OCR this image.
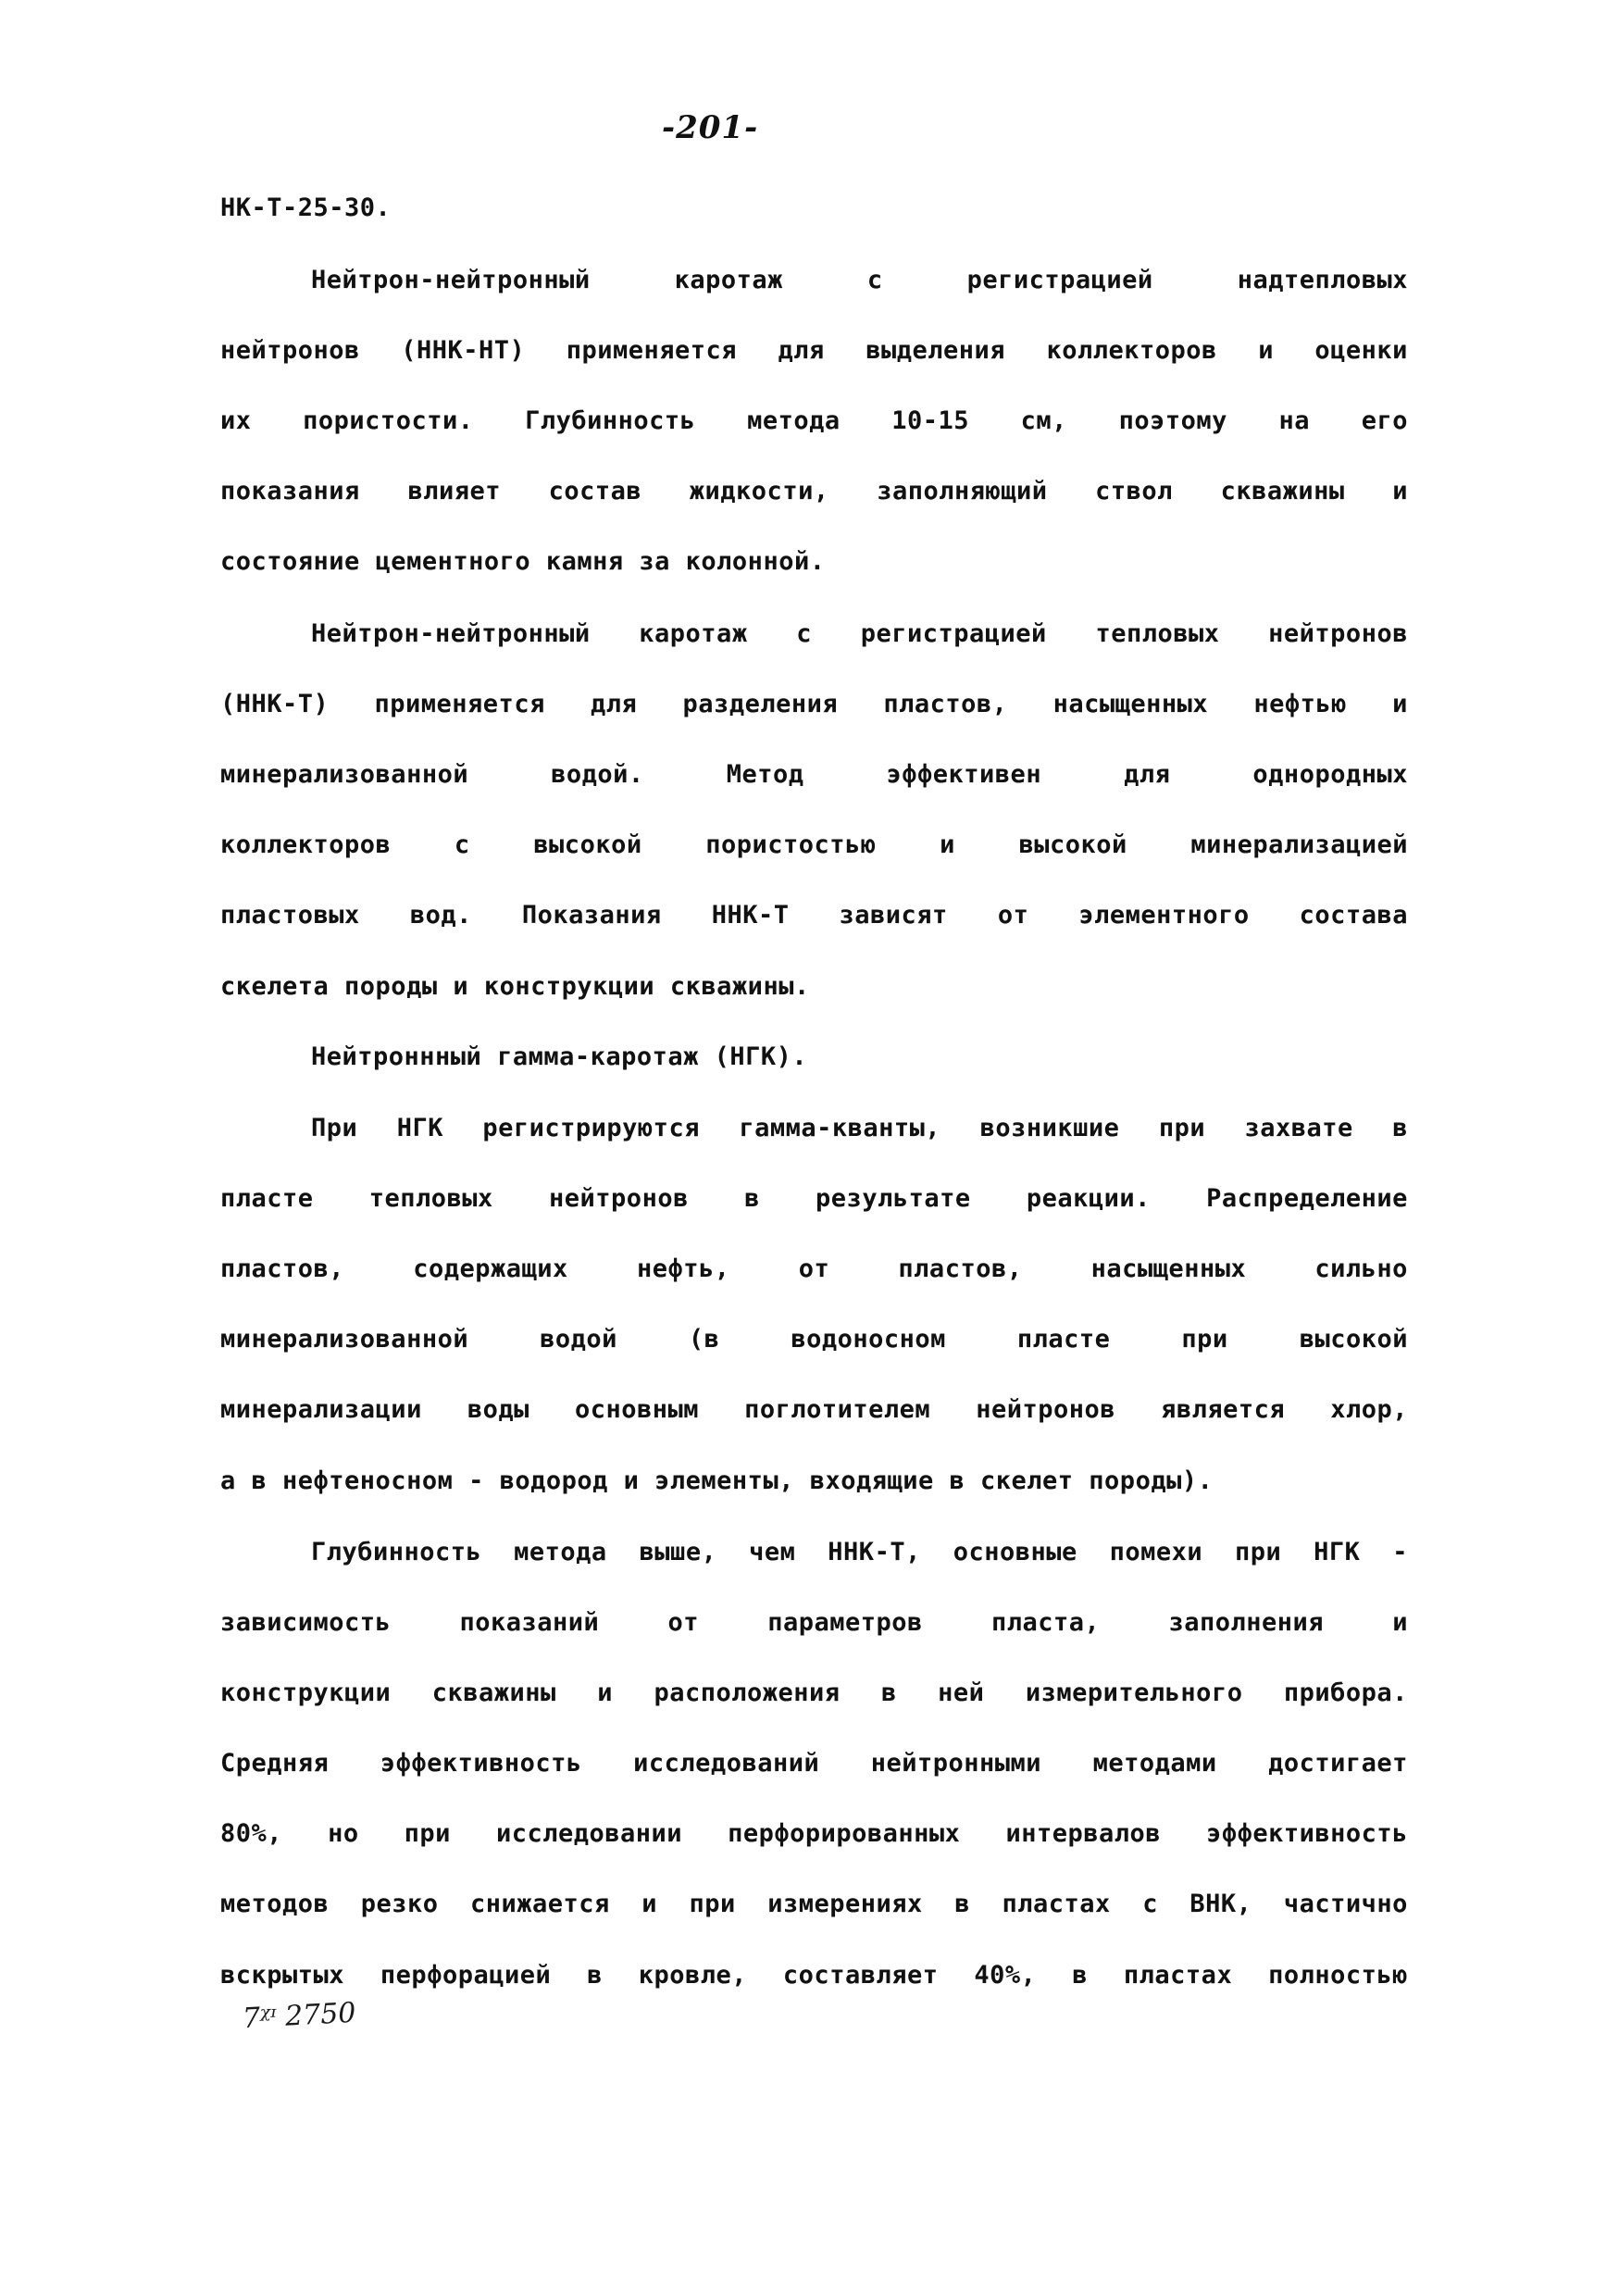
-201-
НК-Т-25-30.
Нейтрон-нейтронный	каротаж	с	регистрацией	надтепловых
нейтронов (ННК-НТ) применяется для выделения коллекторов и оценки
их пористости. Глубинность метода 10-15 см, поэтому на его
показания влияет состав жидкости, заполняющий ствол скважины и
состояние цементного камня за колонной.
Нейтрон-нейтронный каротаж с регистрацией тепловых нейтронов
(ННК-Т) применяется для разделения пластов, насыщенных нефтью и
минерализованной	водой.	Метод	эффективен	для	однородных
коллекторов	с	высокой	пористостью	и	высокой	минерализацией
пластовых вод. Показания ННК-Т зависят от элементного состава
скелета породы и конструкции скважины.
Нейтроннный гамма-каротаж (НГК).
При НГК регистрируются гамма-кванты, возникшие при захвате в
пласте тепловых нейтронов в результате реакции. Распределение
пластов,	содержащих	нефть,	от	пластов,	насыщенных	сильно
минерализованной	водой	(в	водоносном	пласте	при	высокой
минерализации воды основным поглотителем нейтронов является хлор,
а в нефтеносном - водород и элементы, входящие в скелет породы).
Глубинность метода выше, чем ННК-Т, основные помехи при НГК -
зависимость	показаний	от	параметров	пласта,	заполнения	и
конструкции скважины и расположения в ней измерительного прибора.
Средняя эффективность исследований нейтронными методами достигает
80%, но при исследовании перфорированных интервалов эффективность
методов резко снижается и при измерениях в пластах с ВНК, частично
вскрытых перфорацией в кровле, составляет 40%, в пластах полностью
7ᵡᶦ 2750
